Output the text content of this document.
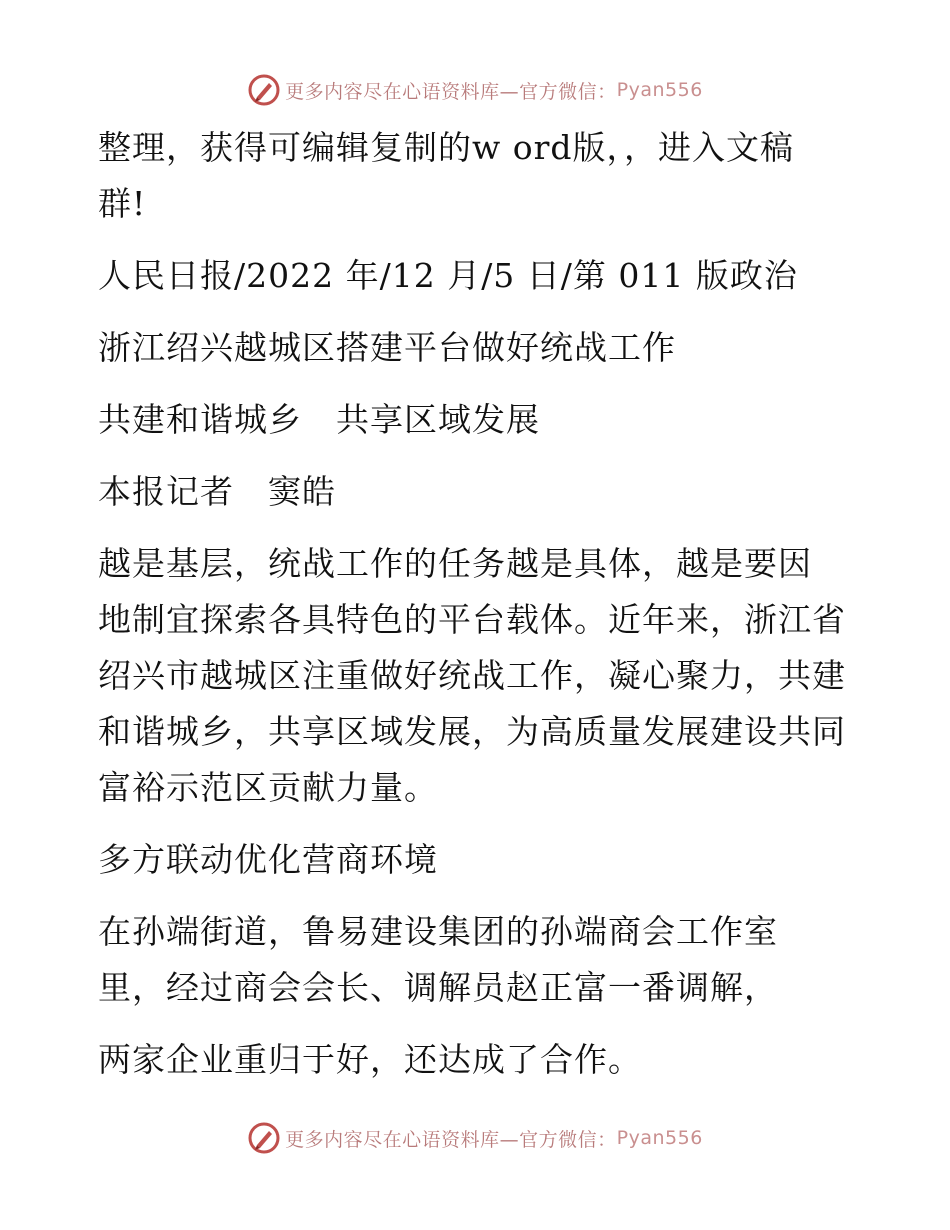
更多内容尽在心语资料库—官方微信： Pyan556
整理，获得可编辑复制的w ord版，，进入文稿
群!
人民日报/2022 年/12 月/5 日/第 011 版政治
浙江绍兴越城区搭建平台做好统战工作
共建和谐城乡　共享区域发展
本报记者　窦皓
越是基层，统战工作的任务越是具体，越是要因
地制宜探索各具特色的平台载体。近年来，浙江省
绍兴市越城区注重做好统战工作，凝心聚力，共建
和谐城乡，共享区域发展，为高质量发展建设共同
富裕示范区贡献力量。
多方联动优化营商环境
在孙端街道，鲁易建设集团的孙端商会工作室
里，经过商会会长、调解员赵正富一番调解，
两家企业重归于好，还达成了合作。
更多内容尽在心语资料库—官方微信： Pyan556
